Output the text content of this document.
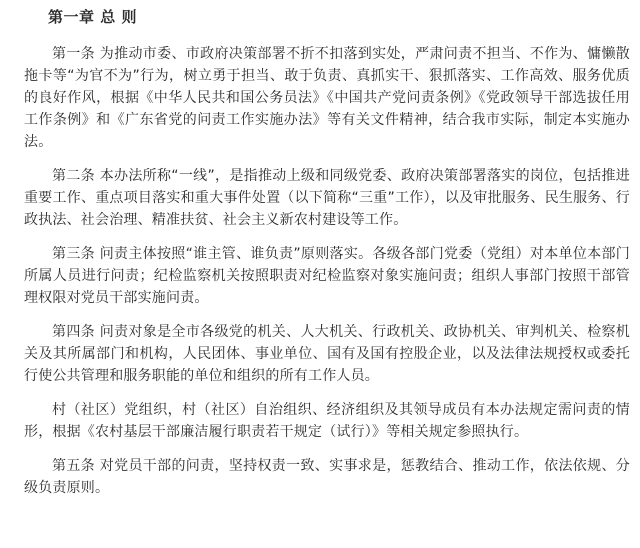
第一章 总 则

第一条 为推动市委、市政府决策部署不折不扣落到实处，严肃问责不担当、不作为、慵懒散拖卡等“为官不为”行为，树立勇于担当、敢于负责、真抓实干、狠抓落实、工作高效、服务优质的良好作风，根据《中华人民共和国公务员法》《中国共产党问责条例》《党政领导干部选拔任用工作条例》和《广东省党的问责工作实施办法》等有关文件精神，结合我市实际，制定本实施办法。

第二条 本办法所称“一线”，是指推动上级和同级党委、政府决策部署落实的岗位，包括推进重要工作、重点项目落实和重大事件处置（以下简称“三重”工作），以及审批服务、民生服务、行政执法、社会治理、精准扶贫、社会主义新农村建设等工作。

第三条 问责主体按照“谁主管、谁负责”原则落实。各级各部门党委（党组）对本单位本部门所属人员进行问责；纪检监察机关按照职责对纪检监察对象实施问责；组织人事部门按照干部管理权限对党员干部实施问责。

第四条 问责对象是全市各级党的机关、人大机关、行政机关、政协机关、审判机关、检察机关及其所属部门和机构，人民团体、事业单位、国有及国有控股企业，以及法律法规授权或委托行使公共管理和服务职能的单位和组织的所有工作人员。

村（社区）党组织，村（社区）自治组织、经济组织及其领导成员有本办法规定需问责的情形，根据《农村基层干部廉洁履行职责若干规定（试行）》等相关规定参照执行。

第五条 对党员干部的问责，坚持权责一致、实事求是，惩教结合、推动工作，依法依规、分级负责原则。
